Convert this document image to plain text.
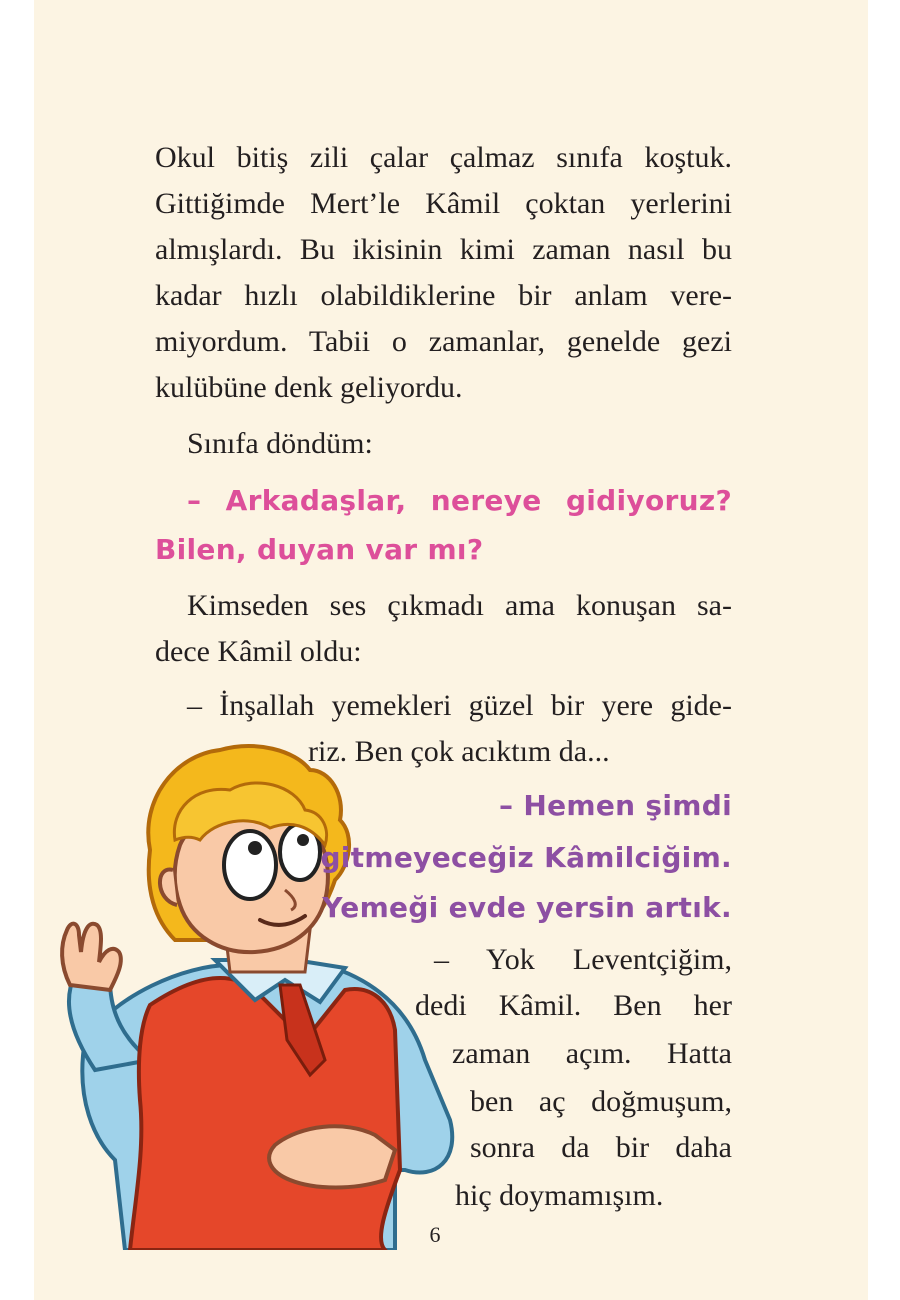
Okul bitiş zili çalar çalmaz sınıfa koştuk.
Gittiğimde Mert’le Kâmil çoktan yerlerini
almışlardı. Bu ikisinin kimi zaman nasıl bu
kadar hızlı olabildiklerine bir anlam vere-
miyordum. Tabii o zamanlar, genelde gezi
kulübüne denk geliyordu.
Sınıfa döndüm:
– Arkadaşlar, nereye gidiyoruz?
Bilen, duyan var mı?
Kimseden ses çıkmadı ama konuşan sa-
dece Kâmil oldu:
– İnşallah yemekleri güzel bir yere gide-
riz. Ben çok acıktım da...
– Hemen şimdi
gitmeyeceğiz Kâmilciğim.
Yemeği evde yersin artık.
– Yok Leventçiğim,
dedi Kâmil. Ben her
zaman açım. Hatta
ben aç doğmuşum,
sonra da bir daha
hiç doymamışım.
6
